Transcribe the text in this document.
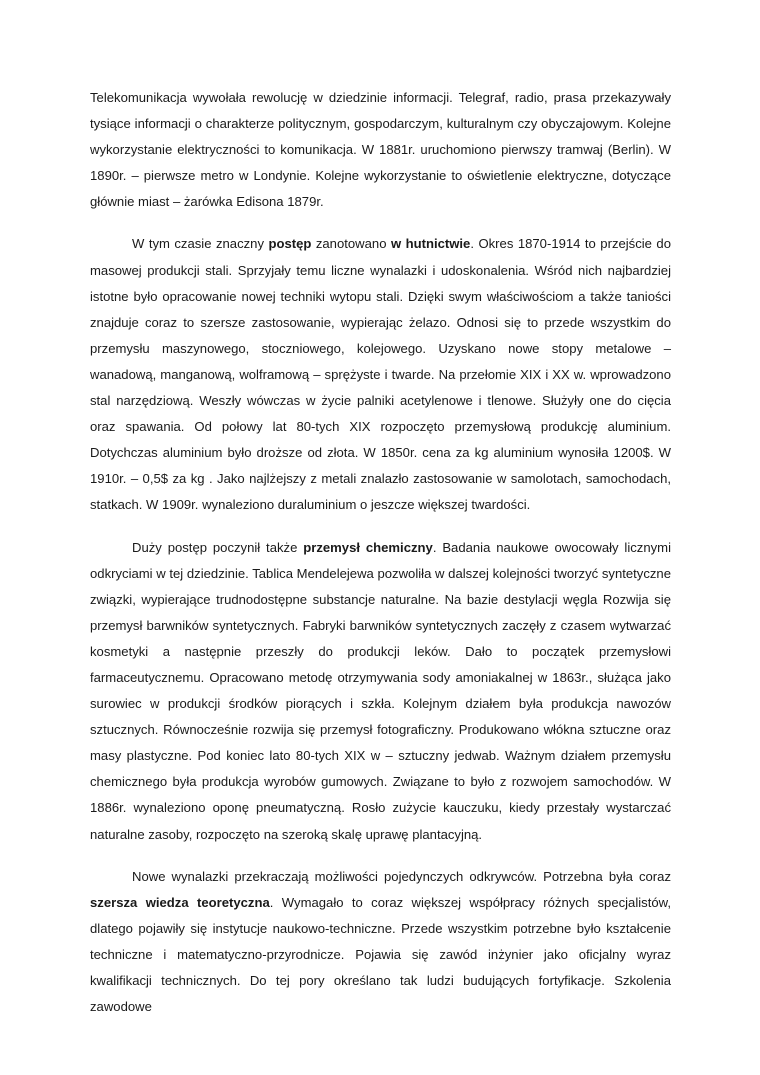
Telekomunikacja wywołała rewolucję w dziedzinie informacji. Telegraf, radio, prasa przekazywały tysiące informacji o charakterze politycznym, gospodarczym, kulturalnym czy obyczajowym. Kolejne wykorzystanie elektryczności to komunikacja. W 1881r. uruchomiono pierwszy tramwaj (Berlin). W 1890r. – pierwsze metro w Londynie. Kolejne wykorzystanie to oświetlenie elektryczne, dotyczące głównie miast – żarówka Edisona 1879r.

W tym czasie znaczny postęp zanotowano w hutnictwie. Okres 1870-1914 to przejście do masowej produkcji stali. Sprzyjały temu liczne wynalazki i udoskonalenia. Wśród nich najbardziej istotne było opracowanie nowej techniki wytopu stali. Dzięki swym właściwościom a także taniości znajduje coraz to szersze zastosowanie, wypierając żelazo. Odnosi się to przede wszystkim do przemysłu maszynowego, stoczniowego, kolejowego. Uzyskano nowe stopy metalowe – wanadową, manganową, wolframową – sprężyste i twarde. Na przełomie XIX i XX w. wprowadzono stal narzędziową. Weszły wówczas w życie palniki acetylenowe i tlenowe. Służyły one do cięcia oraz spawania. Od połowy lat 80-tych XIX rozpoczęto przemysłową produkcję aluminium. Dotychczas aluminium było droższe od złota. W 1850r. cena za kg aluminium wynosiła 1200$. W 1910r. – 0,5$ za kg . Jako najlżejszy z metali znalazło zastosowanie w samolotach, samochodach, statkach. W 1909r. wynaleziono duraluminium o jeszcze większej twardości.

Duży postęp poczynił także przemysł chemiczny. Badania naukowe owocowały licznymi odkryciami w tej dziedzinie. Tablica Mendelejewa pozwoliła w dalszej kolejności tworzyć syntetyczne związki, wypierające trudnodostępne substancje naturalne. Na bazie destylacji węgla Rozwija się przemysł barwników syntetycznych. Fabryki barwników syntetycznych zaczęły z czasem wytwarzać kosmetyki a następnie przeszły do produkcji leków. Dało to początek przemysłowi farmaceutycznemu. Opracowano metodę otrzymywania sody amoniakalnej w 1863r., służąca jako surowiec w produkcji środków piorących i szkła. Kolejnym działem była produkcja nawozów sztucznych. Równocześnie rozwija się przemysł fotograficzny. Produkowano włókna sztuczne oraz masy plastyczne. Pod koniec lato 80-tych XIX w – sztuczny jedwab. Ważnym działem przemysłu chemicznego była produkcja wyrobów gumowych. Związane to było z rozwojem samochodów. W 1886r. wynaleziono oponę pneumatyczną. Rosło zużycie kauczuku, kiedy przestały wystarczać naturalne zasoby, rozpoczęto na szeroką skalę uprawę plantacyjną.

Nowe wynalazki przekraczają możliwości pojedynczych odkrywców. Potrzebna była coraz szersza wiedza teoretyczna. Wymagało to coraz większej współpracy różnych specjalistów, dlatego pojawiły się instytucje naukowo-techniczne. Przede wszystkim potrzebne było kształcenie techniczne i matematyczno-przyrodnicze. Pojawia się zawód inżynier jako oficjalny wyraz kwalifikacji technicznych. Do tej pory określano tak ludzi budujących fortyfikacje. Szkolenia zawodowe
